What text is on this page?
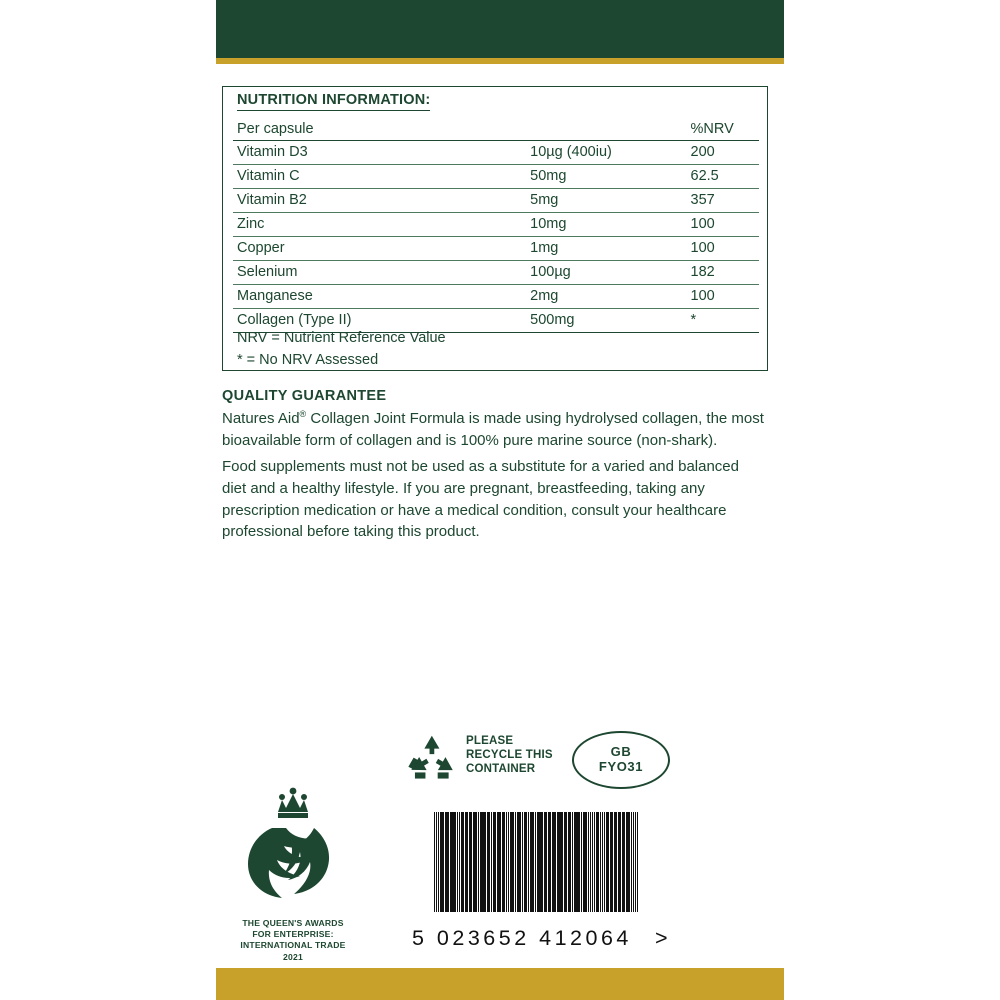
NUTRITION INFORMATION:
Per capsule		%NRV
Vitamin D3	10µg (400iu)	200
Vitamin C	50mg	62.5
Vitamin B2	5mg	357
Zinc	10mg	100
Copper	1mg	100
Selenium	100µg	182
Manganese	2mg	100
Collagen (Type II)	500mg	*
NRV = Nutrient Reference Value
* = No NRV Assessed
QUALITY GUARANTEE
Natures Aid® Collagen Joint Formula is made using hydrolysed collagen, the most bioavailable form of collagen and is 100% pure marine source (non-shark).
Food supplements must not be used as a substitute for a varied and balanced diet and a healthy lifestyle. If you are pregnant, breastfeeding, taking any prescription medication or have a medical condition, consult your healthcare professional before taking this product.
PLEASE
RECYCLE THIS
CONTAINER
GB
FYO31
5 023652 412064 >
THE QUEEN'S AWARDS
FOR ENTERPRISE:
INTERNATIONAL TRADE
2021
